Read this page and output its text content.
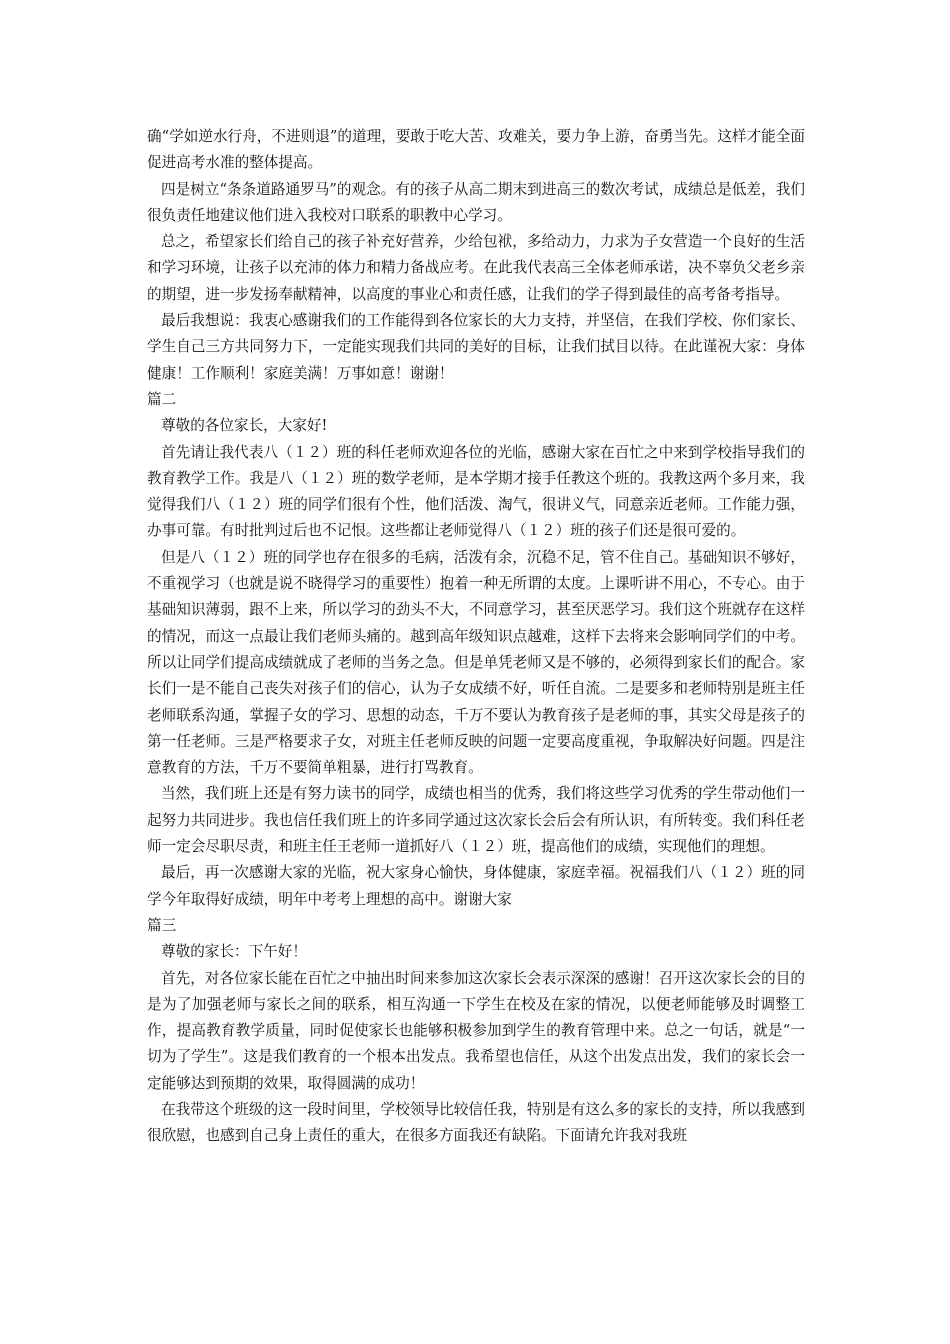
确“学如逆水行舟，不进则退”的道理，要敢于吃大苦、攻难关，要力争上游，奋勇当先。这样才能全面促进高考水准的整体提高。

四是树立“条条道路通罗马”的观念。有的孩子从高二期末到进高三的数次考试，成绩总是低差，我们很负责任地建议他们进入我校对口联系的职教中心学习。

总之，希望家长们给自己的孩子补充好营养，少给包袱，多给动力，力求为子女营造一个良好的生活和学习环境，让孩子以充沛的体力和精力备战应考。在此我代表高三全体老师承诺，决不辜负父老乡亲的期望，进一步发扬奉献精神，以高度的事业心和责任感，让我们的学子得到最佳的高考备考指导。

最后我想说：我衷心感谢我们的工作能得到各位家长的大力支持，并坚信，在我们学校、你们家长、学生自己三方共同努力下，一定能实现我们共同的美好的目标，让我们拭目以待。在此谨祝大家：身体健康！工作顺利！家庭美满！万事如意！谢谢！

篇二

尊敬的各位家长，大家好!

首先请让我代表八（１２）班的科任老师欢迎各位的光临，感谢大家在百忙之中来到学校指导我们的教育教学工作。我是八（１２）班的数学老师，是本学期才接手任教这个班的。我教这两个多月来，我觉得我们八（１２）班的同学们很有个性，他们活泼、淘气，很讲义气，同意亲近老师。工作能力强，办事可靠。有时批判过后也不记恨。这些都让老师觉得八（１２）班的孩子们还是很可爱的。

但是八（１２）班的同学也存在很多的毛病，活泼有余，沉稳不足，管不住自己。基础知识不够好，不重视学习（也就是说不晓得学习的重要性）抱着一种无所谓的太度。上课听讲不用心，不专心。由于基础知识薄弱，跟不上来，所以学习的劲头不大，不同意学习，甚至厌恶学习。我们这个班就存在这样的情况，而这一点最让我们老师头痛的。越到高年级知识点越难，这样下去将来会影响同学们的中考。所以让同学们提高成绩就成了老师的当务之急。但是单凭老师又是不够的，必须得到家长们的配合。家长们一是不能自己丧失对孩子们的信心，认为子女成绩不好，听任自流。二是要多和老师特别是班主任老师联系沟通，掌握子女的学习、思想的动态，千万不要认为教育孩子是老师的事，其实父母是孩子的第一任老师。三是严格要求子女，对班主任老师反映的问题一定要高度重视，争取解决好问题。四是注意教育的方法，千万不要简单粗暴，进行打骂教育。

当然，我们班上还是有努力读书的同学，成绩也相当的优秀，我们将这些学习优秀的学生带动他们一起努力共同进步。我也信任我们班上的许多同学通过这次家长会后会有所认识，有所转变。我们科任老师一定会尽职尽责，和班主任王老师一道抓好八（１２）班，提高他们的成绩，实现他们的理想。

最后，再一次感谢大家的光临，祝大家身心愉快，身体健康，家庭幸福。祝福我们八（１２）班的同学今年取得好成绩，明年中考考上理想的高中。谢谢大家

篇三

尊敬的家长：下午好！

首先，对各位家长能在百忙之中抽出时间来参加这次家长会表示深深的感谢！召开这次家长会的目的是为了加强老师与家长之间的联系，相互沟通一下学生在校及在家的情况，以便老师能够及时调整工作，提高教育教学质量，同时促使家长也能够积极参加到学生的教育管理中来。总之一句话，就是“一切为了学生”。这是我们教育的一个根本出发点。我希望也信任，从这个出发点出发，我们的家长会一定能够达到预期的效果，取得圆满的成功！

在我带这个班级的这一段时间里，学校领导比较信任我，特别是有这么多的家长的支持，所以我感到很欣慰，也感到自己身上责任的重大，在很多方面我还有缺陷。下面请允许我对我班
